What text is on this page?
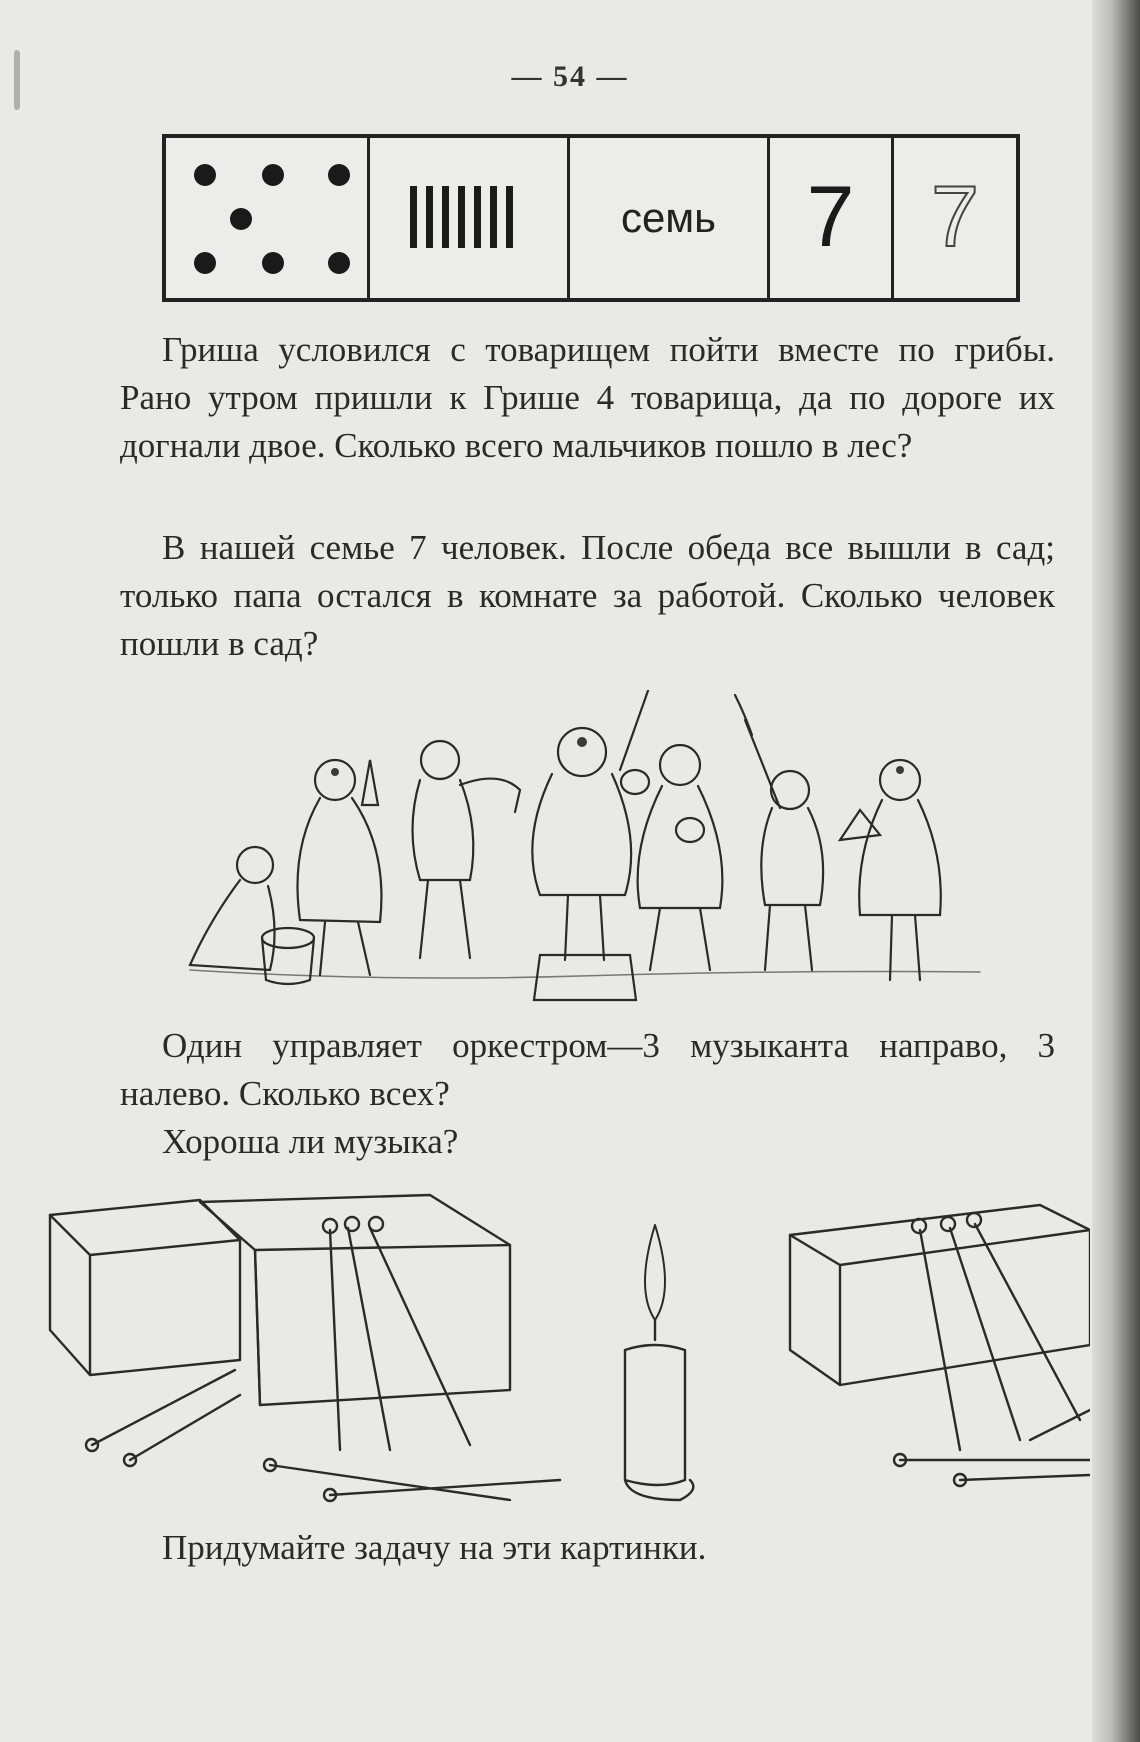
— 54 —
семь	7 7
Гриша условился с товарищем пойти вместе по грибы. Рано утром пришли к Грише 4 товарища, да по дороге их догнали двое. Сколько всего мальчиков пошло в лес?
В нашей семье 7 человек. После обеда все вышли в сад; только папа остался в комнате за работой. Сколько человек пошли в сад?
Один управляет оркестром—3 музыканта направо, 3 налево. Сколько всех?
Хороша ли музыка?
Придумайте задачу на эти картинки.
